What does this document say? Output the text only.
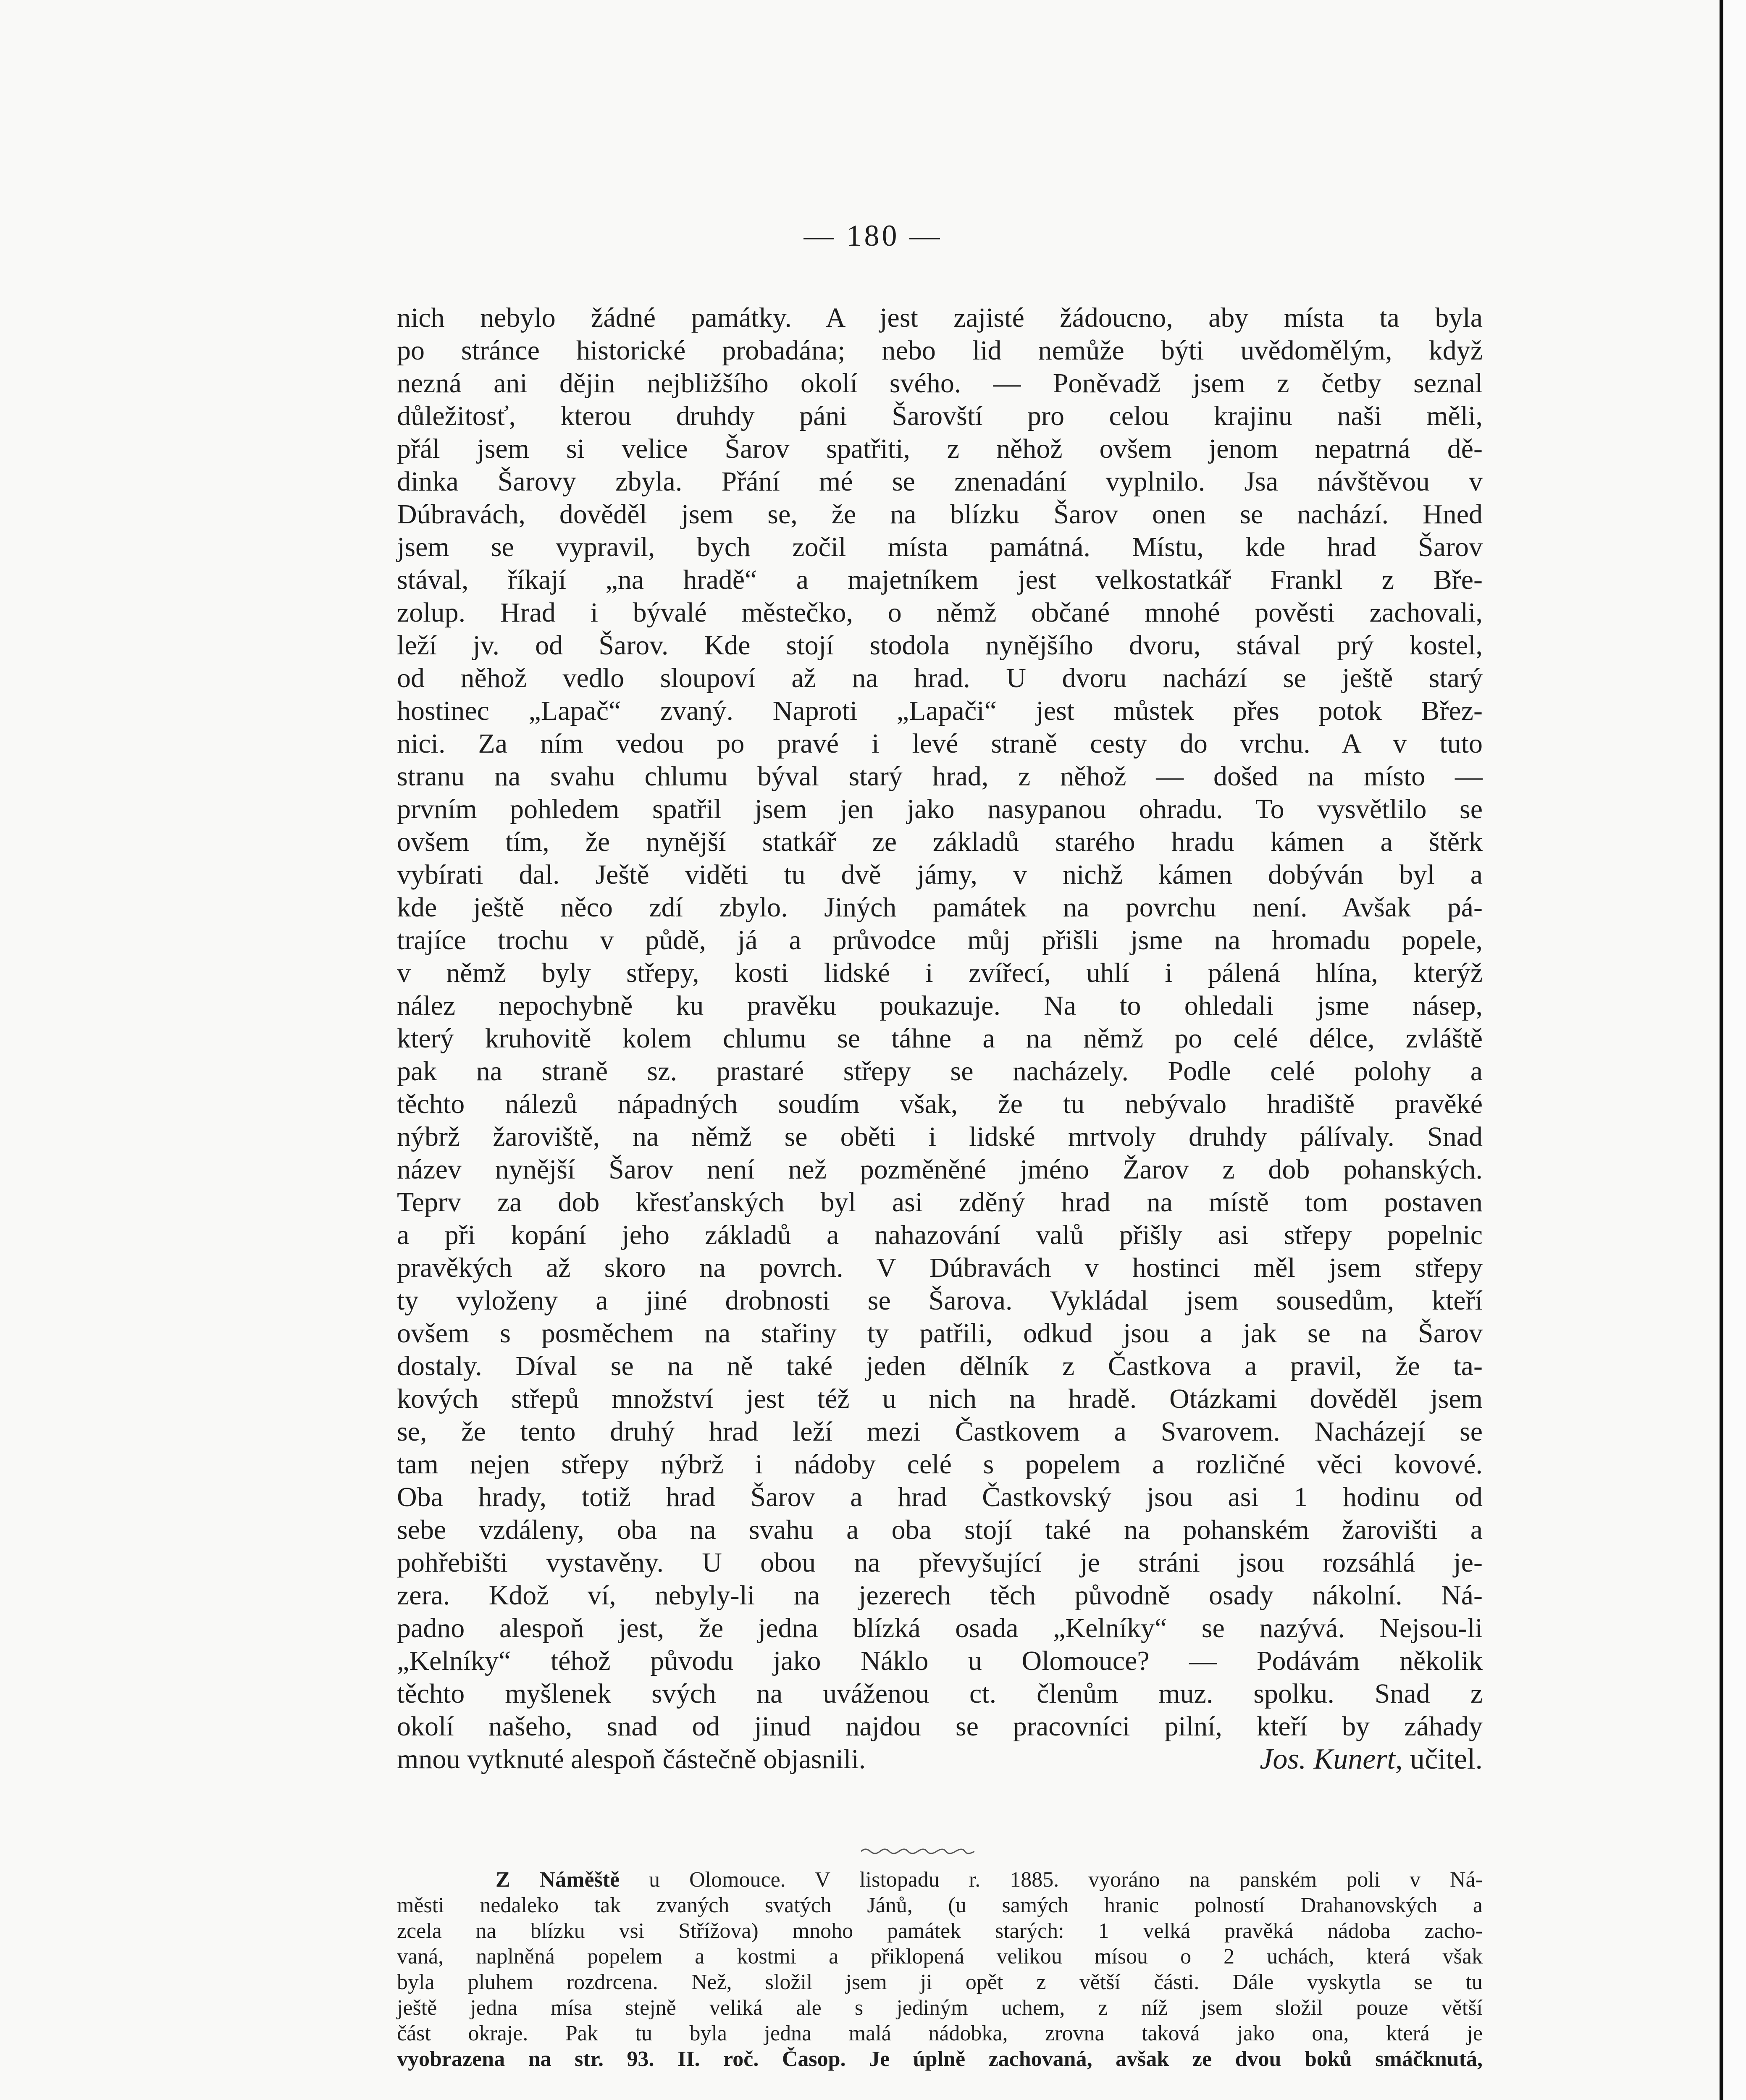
— 180 —
nich nebylo žádné památky. A jest zajisté žádoucno, aby místa ta byla
po stránce historické probadána; nebo lid nemůže býti uvědomělým, když
nezná ani dějin nejbližšího okolí svého. — Poněvadž jsem z četby seznal
důležitosť, kterou druhdy páni Šarovští pro celou krajinu naši měli,
přál jsem si velice Šarov spatřiti, z něhož ovšem jenom nepatrná dě-
dinka Šarovy zbyla. Přání mé se znenadání vyplnilo. Jsa návštěvou v
Dúbravách, dověděl jsem se, že na blízku Šarov onen se nachází. Hned
jsem se vypravil, bych zočil místa památná. Místu, kde hrad Šarov
stával, říkají „na hradě“ a majetníkem jest velkostatkář Frankl z Bře-
zolup. Hrad i bývalé městečko, o němž občané mnohé pověsti zachovali,
leží jv. od Šarov. Kde stojí stodola nynějšího dvoru, stával prý kostel,
od něhož vedlo sloupoví až na hrad. U dvoru nachází se ještě starý
hostinec „Lapač“ zvaný. Naproti „Lapači“ jest můstek přes potok Břez-
nici. Za ním vedou po pravé i levé straně cesty do vrchu. A v tuto
stranu na svahu chlumu býval starý hrad, z něhož — došed na místo —
prvním pohledem spatřil jsem jen jako nasypanou ohradu. To vysvětlilo se
ovšem tím, že nynější statkář ze základů starého hradu kámen a štěrk
vybírati dal. Ještě viděti tu dvě jámy, v nichž kámen dobýván byl a
kde ještě něco zdí zbylo. Jiných památek na povrchu není. Avšak pá-
trajíce trochu v půdě, já a průvodce můj přišli jsme na hromadu popele,
v němž byly střepy, kosti lidské i zvířecí, uhlí i pálená hlína, kterýž
nález nepochybně ku pravěku poukazuje. Na to ohledali jsme násep,
který kruhovitě kolem chlumu se táhne a na němž po celé délce, zvláště
pak na straně sz. prastaré střepy se nacházely. Podle celé polohy a
těchto nálezů nápadných soudím však, že tu nebývalo hradiště pravěké
nýbrž žaroviště, na němž se oběti i lidské mrtvoly druhdy pálívaly. Snad
název nynější Šarov není než pozměněné jméno Žarov z dob pohanských.
Teprv za dob křesťanských byl asi zděný hrad na místě tom postaven
a při kopání jeho základů a nahazování valů přišly asi střepy popelnic
pravěkých až skoro na povrch. V Dúbravách v hostinci měl jsem střepy
ty vyloženy a jiné drobnosti se Šarova. Vykládal jsem sousedům, kteří
ovšem s posměchem na stařiny ty patřili, odkud jsou a jak se na Šarov
dostaly. Díval se na ně také jeden dělník z Častkova a pravil, že ta-
kových střepů množství jest též u nich na hradě. Otázkami dověděl jsem
se, že tento druhý hrad leží mezi Častkovem a Svarovem. Nacházejí se
tam nejen střepy nýbrž i nádoby celé s popelem a rozličné věci kovové.
Oba hrady, totiž hrad Šarov a hrad Častkovský jsou asi 1 hodinu od
sebe vzdáleny, oba na svahu a oba stojí také na pohanském žarovišti a
pohřebišti vystavěny. U obou na převyšující je stráni jsou rozsáhlá je-
zera. Kdož ví, nebyly-li na jezerech těch původně osady nákolní. Ná-
padno alespoň jest, že jedna blízká osada „Kelníky“ se nazývá. Nejsou-li
„Kelníky“ téhož původu jako Náklo u Olomouce? — Podávám několik
těchto myšlenek svých na uváženou ct. členům muz. spolku. Snad z
okolí našeho, snad od jinud najdou se pracovníci pilní, kteří by záhady
mnou vytknuté alespoň částečně objasnili.	Jos. Kunert, učitel.
Z Náměště u Olomouce. V listopadu r. 1885. vyoráno na panském poli v Ná-
městi nedaleko tak zvaných svatých Jánů, (u samých hranic polností Drahanovských a
zcela na blízku vsi Střížova) mnoho památek starých: 1 velká pravěká nádoba zacho-
vaná, naplněná popelem a kostmi a přiklopená velikou mísou o 2 uchách, která však
byla pluhem rozdrcena. Než, složil jsem ji opět z větší části. Dále vyskytla se tu
ještě jedna mísa stejně veliká ale s jediným uchem, z níž jsem složil pouze větší
část okraje. Pak tu byla jedna malá nádobka, zrovna taková jako ona, která je
vyobrazena na str. 93. II. roč. Časop. Je úplně zachovaná, avšak ze dvou boků smáčknutá,
